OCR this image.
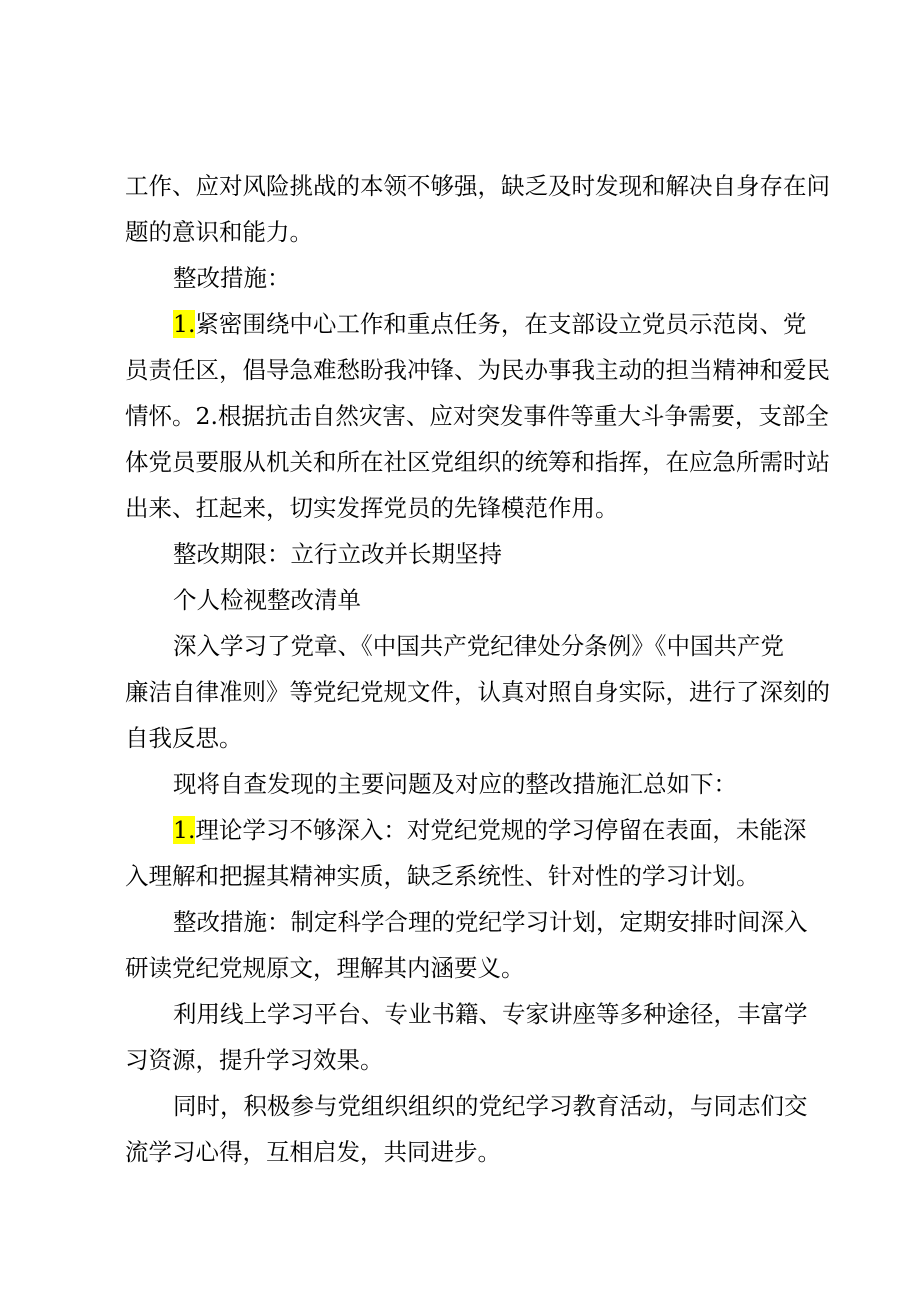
工作、应对风险挑战的本领不够强，缺乏及时发现和解决自身存在问
题的意识和能力。
整改措施：
1.紧密围绕中心工作和重点任务，在支部设立党员示范岗、党
员责任区，倡导急难愁盼我冲锋、为民办事我主动的担当精神和爱民
情怀。2.根据抗击自然灾害、应对突发事件等重大斗争需要，支部全
体党员要服从机关和所在社区党组织的统筹和指挥，在应急所需时站
出来、扛起来，切实发挥党员的先锋模范作用。
整改期限：立行立改并长期坚持
个人检视整改清单
深入学习了党章、《中国共产党纪律处分条例》《中国共产党
廉洁自律准则》等党纪党规文件，认真对照自身实际，进行了深刻的
自我反思。
现将自查发现的主要问题及对应的整改措施汇总如下：
1.理论学习不够深入：对党纪党规的学习停留在表面，未能深
入理解和把握其精神实质，缺乏系统性、针对性的学习计划。
整改措施：制定科学合理的党纪学习计划，定期安排时间深入
研读党纪党规原文，理解其内涵要义。
利用线上学习平台、专业书籍、专家讲座等多种途径，丰富学
习资源，提升学习效果。
同时，积极参与党组织组织的党纪学习教育活动，与同志们交
流学习心得，互相启发，共同进步。
